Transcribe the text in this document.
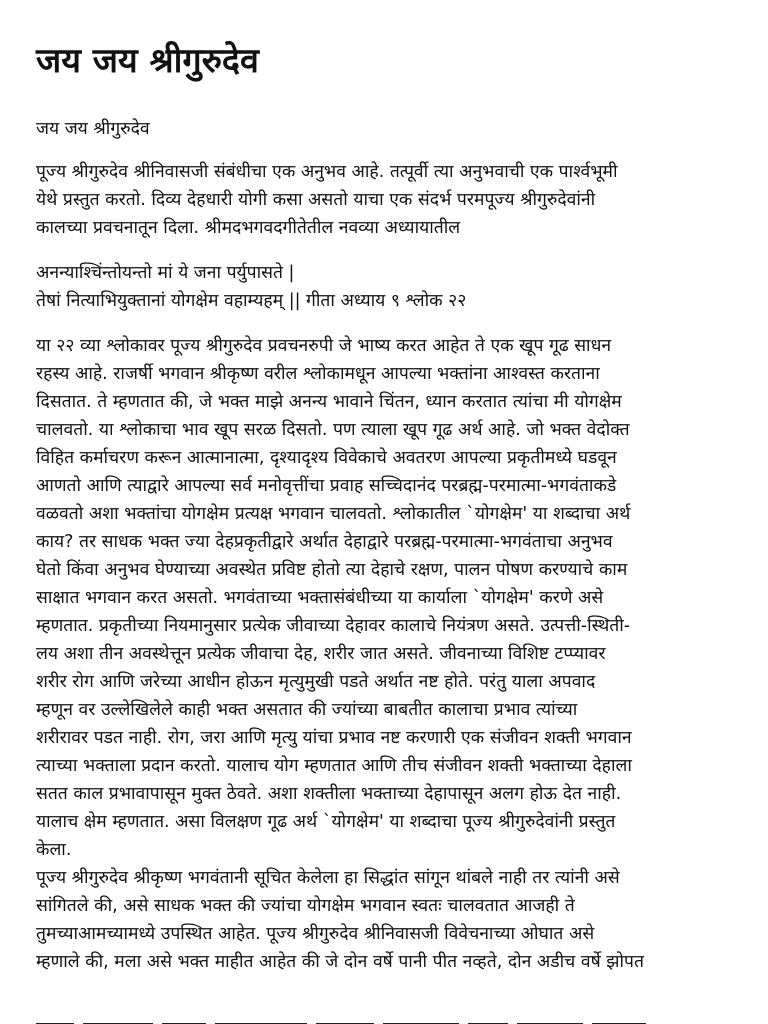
जय जय श्रीगुरुदेव

जय जय श्रीगुरुदेव

पूज्य श्रीगुरुदेव श्रीनिवासजी संबंधीचा एक अनुभव आहे. तत्पूर्वी त्या अनुभवाची एक पार्श्वभूमी
येथे प्रस्तुत करतो. दिव्य देहधारी योगी कसा असतो याचा एक संदर्भ परमपूज्य श्रीगुरुदेवांनी
कालच्या प्रवचनातून दिला. श्रीमदभगवदगीतेतील नवव्या अध्यायातील

अनन्याश्चिंन्तोयन्तो मां ये जना पर्युपासते |
तेषां नित्याभियुक्तानां योगक्षेम वहाम्यहम् || गीता अध्याय ९ श्लोक २२

या २२ व्या श्लोकावर पूज्य श्रीगुरुदेव प्रवचनरुपी जे भाष्य करत आहेत ते एक खूप गूढ साधन
रहस्य आहे. राजर्षी भगवान श्रीकृष्ण वरील श्लोकामधून आपल्या भक्तांना आश्वस्त करताना
दिसतात. ते म्हणतात की, जे भक्त माझे अनन्य भावाने चिंतन, ध्यान करतात त्यांचा मी योगक्षेम
चालवतो. या श्लोकाचा भाव खूप सरळ दिसतो. पण त्याला खूप गूढ अर्थ आहे. जो भक्त वेदोक्त
विहित कर्माचरण करून आत्मानात्मा, दृश्यादृश्य विवेकाचे अवतरण आपल्या प्रकृतीमध्ये घडवून
आणतो आणि त्याद्वारे आपल्या सर्व मनोवृत्तींचा प्रवाह सच्चिदानंद परब्रह्म-परमात्मा-भगवंताकडे
वळवतो अशा भक्तांचा योगक्षेम प्रत्यक्ष भगवान चालवतो. श्लोकातील `योगक्षेम' या शब्दाचा अर्थ
काय? तर साधक भक्त ज्या देहप्रकृतीद्वारे अर्थात देहाद्वारे परब्रह्म-परमात्मा-भगवंताचा अनुभव
घेतो किंवा अनुभव घेण्याच्या अवस्थेत प्रविष्ट होतो त्या देहाचे रक्षण, पालन पोषण करण्याचे काम
साक्षात भगवान करत असतो. भगवंताच्या भक्तासंबंधीच्या या कार्याला `योगक्षेम' करणे असे
म्हणतात. प्रकृतीच्या नियमानुसार प्रत्येक जीवाच्या देहावर कालाचे नियंत्रण असते. उत्पत्ती-स्थिती-
लय अशा तीन अवस्थेत्तून प्रत्येक जीवाचा देह, शरीर जात असते. जीवनाच्या विशिष्ट टप्प्यावर
शरीर रोग आणि जरेच्या आधीन होऊन मृत्युमुखी पडते अर्थात नष्ट होते. परंतु याला अपवाद
म्हणून वर उल्लेखिलेले काही भक्त असतात की ज्यांच्या बाबतीत कालाचा प्रभाव त्यांच्या
शरीरावर पडत नाही. रोग, जरा आणि मृत्यु यांचा प्रभाव नष्ट करणारी एक संजीवन शक्ती भगवान
त्याच्या भक्ताला प्रदान करतो. यालाच योग म्हणतात आणि तीच संजीवन शक्ती भक्ताच्या देहाला
सतत काल प्रभावापासून मुक्त ठेवते. अशा शक्तीला भक्ताच्या देहापासून अलग होऊ देत नाही.
यालाच क्षेम म्हणतात. असा विलक्षण गूढ अर्थ `योगक्षेम' या शब्दाचा पूज्य श्रीगुरुदेवांनी प्रस्तुत
केला.
पूज्य श्रीगुरुदेव श्रीकृष्ण भगवंतानी सूचित केलेला हा सिद्धांत सांगून थांबले नाही तर त्यांनी असे
सांगितले की, असे साधक भक्त की ज्यांचा योगक्षेम भगवान स्वतः चालवतात आजही ते
तुमच्याआमच्यामध्ये उपस्थित आहेत. पूज्य श्रीगुरुदेव श्रीनिवासजी विवेचनाच्या ओघात असे
म्हणाले की, मला असे भक्त माहीत आहेत की जे दोन वर्षे पानी पीत नव्हते, दोन अडीच वर्षे झोपत
